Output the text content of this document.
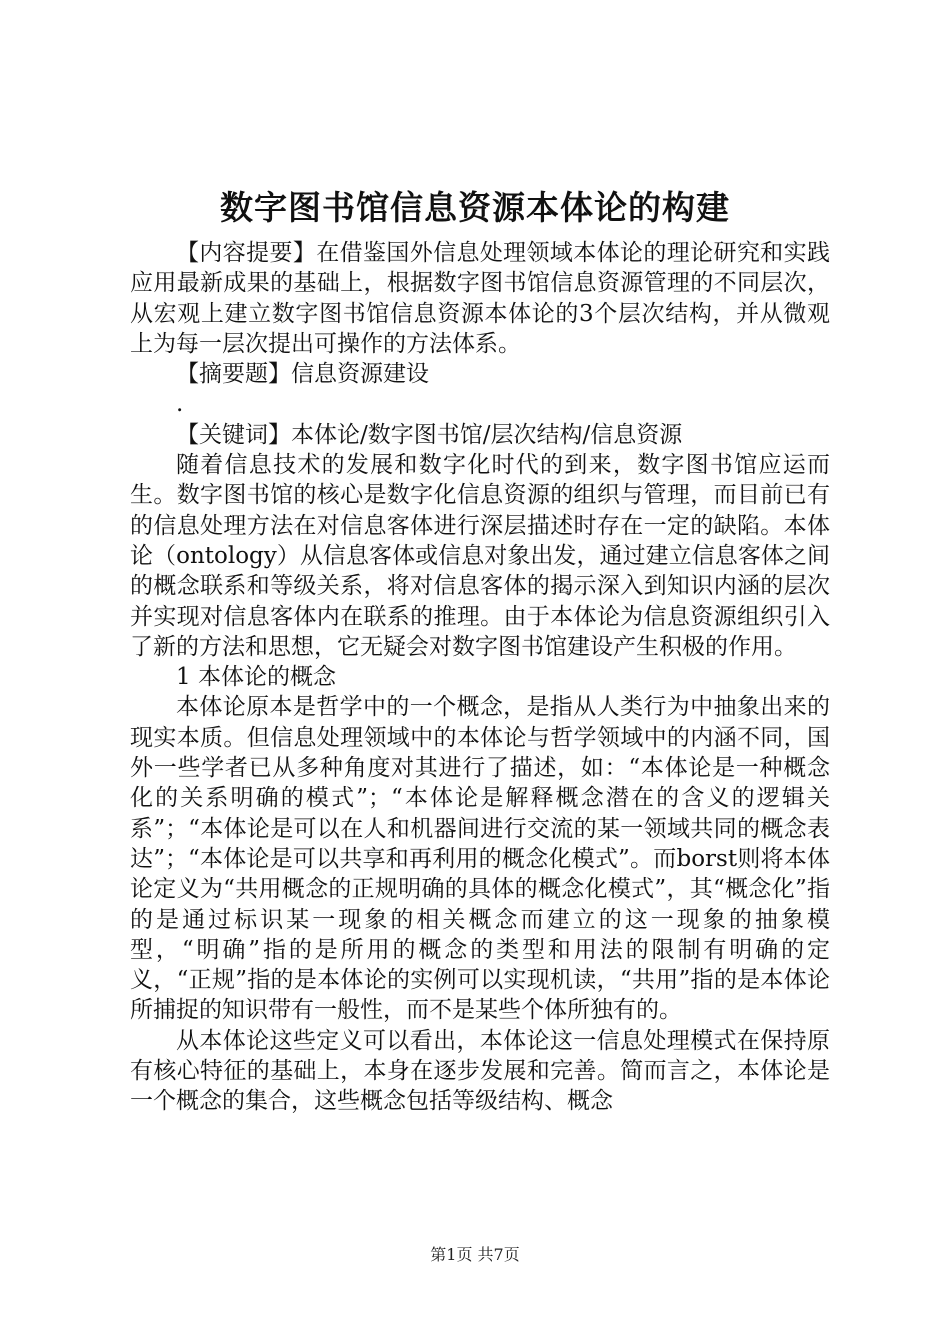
数字图书馆信息资源本体论的构建

【内容提要】在借鉴国外信息处理领域本体论的理论研究和实践应用最新成果的基础上，根据数字图书馆信息资源管理的不同层次，从宏观上建立数字图书馆信息资源本体论的3个层次结构，并从微观上为每一层次提出可操作的方法体系。

【摘要题】信息资源建设

.

【关键词】本体论/数字图书馆/层次结构/信息资源

随着信息技术的发展和数字化时代的到来，数字图书馆应运而生。数字图书馆的核心是数字化信息资源的组织与管理，而目前已有的信息处理方法在对信息客体进行深层描述时存在一定的缺陷。本体论（ontology）从信息客体或信息对象出发，通过建立信息客体之间的概念联系和等级关系，将对信息客体的揭示深入到知识内涵的层次并实现对信息客体内在联系的推理。由于本体论为信息资源组织引入了新的方法和思想，它无疑会对数字图书馆建设产生积极的作用。

1 本体论的概念

本体论原本是哲学中的一个概念，是指从人类行为中抽象出来的现实本质。但信息处理领域中的本体论与哲学领域中的内涵不同，国外一些学者已从多种角度对其进行了描述，如：“本体论是一种概念化的关系明确的模式”；“本体论是解释概念潜在的含义的逻辑关系”；“本体论是可以在人和机器间进行交流的某一领域共同的概念表达”；“本体论是可以共享和再利用的概念化模式”。而borst则将本体论定义为“共用概念的正规明确的具体的概念化模式”，其“概念化”指的是通过标识某一现象的相关概念而建立的这一现象的抽象模型，“明确”指的是所用的概念的类型和用法的限制有明确的定义，“正规”指的是本体论的实例可以实现机读，“共用”指的是本体论所捕捉的知识带有一般性，而不是某些个体所独有的。

从本体论这些定义可以看出，本体论这一信息处理模式在保持原有核心特征的基础上，本身在逐步发展和完善。简而言之，本体论是一个概念的集合，这些概念包括等级结构、概念

第1页 共7页
